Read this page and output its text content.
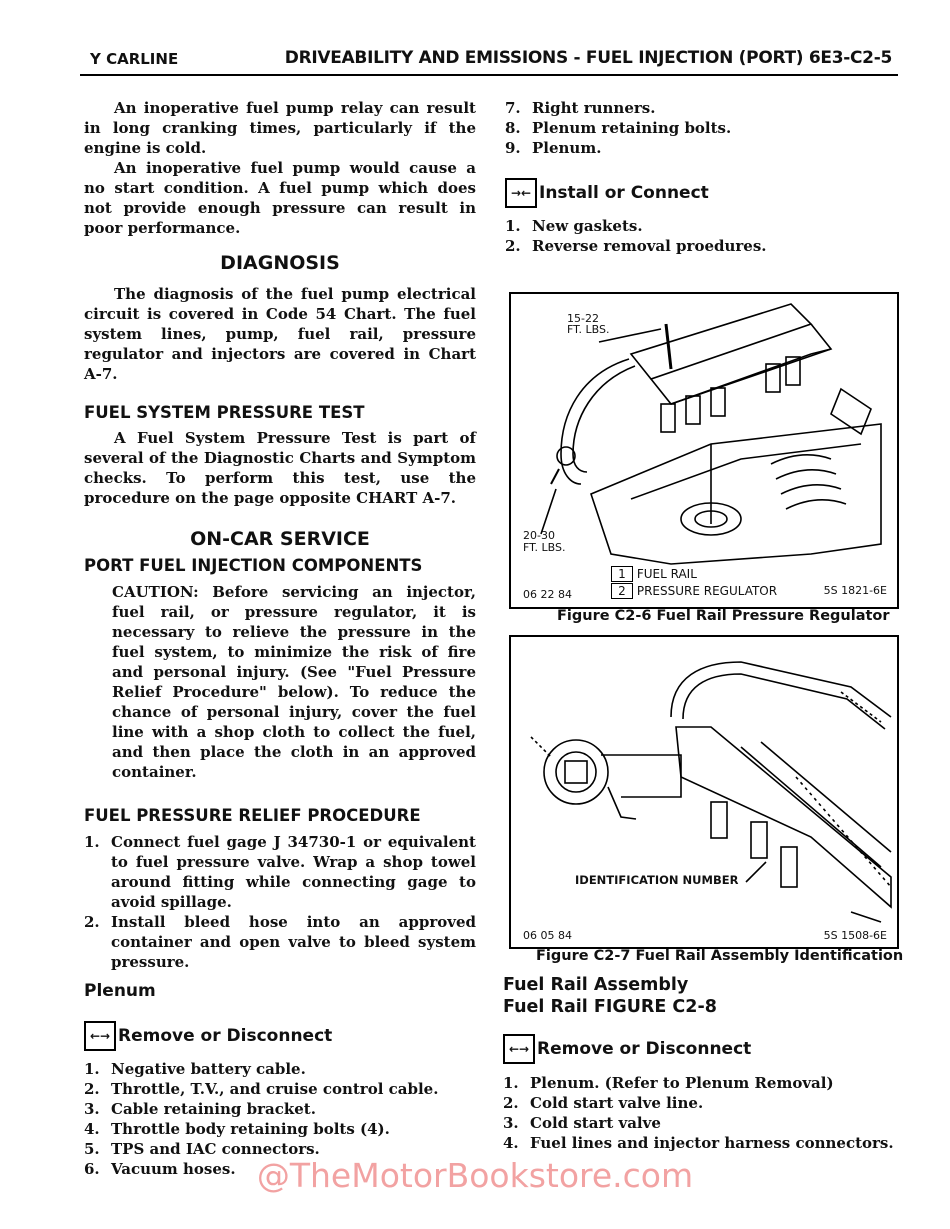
Y CARLINE	DRIVEABILITY AND EMISSIONS - FUEL INJECTION (PORT) 6E3-C2-5

An inoperative fuel pump relay can result in long cranking times, particularly if the engine is cold.

An inoperative fuel pump would cause a no start condition. A fuel pump which does not provide enough pressure can result in poor performance.

DIAGNOSIS

The diagnosis of the fuel pump electrical circuit is covered in Code 54 Chart. The fuel system lines, pump, fuel rail, pressure regulator and injectors are covered in Chart A-7.

FUEL SYSTEM PRESSURE TEST

A Fuel System Pressure Test is part of several of the Diagnostic Charts and Symptom checks. To perform this test, use the procedure on the page opposite CHART A-7.

ON-CAR SERVICE
PORT FUEL INJECTION COMPONENTS

CAUTION: Before servicing an injector, fuel rail, or pressure regulator, it is necessary to relieve the pressure in the fuel system, to minimize the risk of fire and personal injury. (See "Fuel Pressure Relief Procedure" below). To reduce the chance of personal injury, cover the fuel line with a shop cloth to collect the fuel, and then place the cloth in an approved container.

FUEL PRESSURE RELIEF PROCEDURE
1. Connect fuel gage J 34730-1 or equivalent to fuel pressure valve. Wrap a shop towel around fitting while connecting gage to avoid spillage.
2. Install bleed hose into an approved container and open valve to bleed system pressure.
Plenum
←→ Remove or Disconnect
1. Negative battery cable.
2. Throttle, T.V., and cruise control cable.
3. Cable retaining bracket.
4. Throttle body retaining bolts (4).
5. TPS and IAC connectors.
6. Vacuum hoses.
7. Right runners.
8. Plenum retaining bolts.
9. Plenum.
→← Install or Connect
1. New gaskets.
2. Reverse removal proedures.
15-22
FT. LBS.
20-30
FT. LBS.
1 FUEL RAIL
2 PRESSURE REGULATOR
06 22 84	5S 1821-6E
Figure C2-6 Fuel Rail Pressure Regulator
IDENTIFICATION NUMBER
06 05 84	5S 1508-6E
Figure C2-7 Fuel Rail Assembly Identification
Fuel Rail Assembly
Fuel Rail FIGURE C2-8
←→ Remove or Disconnect
1. Plenum. (Refer to Plenum Removal)
2. Cold start valve line.
3. Cold start valve
4. Fuel lines and injector harness connectors.
@TheMotorBookstore.com
